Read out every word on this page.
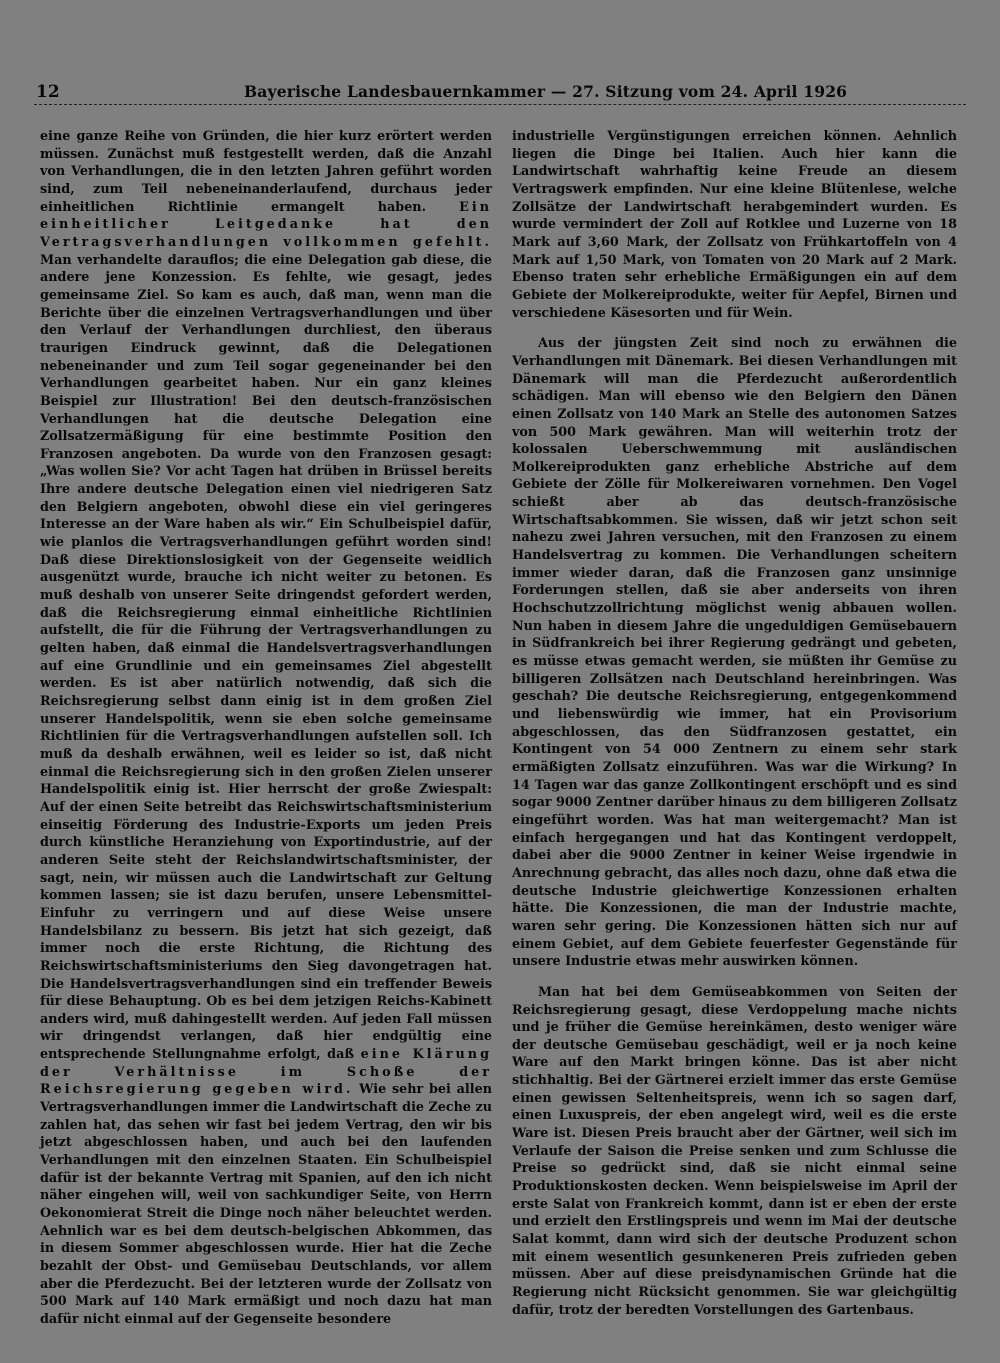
12	Bayerische Landesbauernkammer — 27. Sitzung vom 24. April 1926

eine ganze Reihe von Gründen, die hier kurz erörtert werden müssen. Zunächst muß festgestellt werden, daß die Anzahl von Verhandlungen, die in den letzten Jahren geführt worden sind, zum Teil nebeneinanderlaufend, durchaus jeder einheitlichen Richtlinie ermangelt haben. Ein einheitlicher Leitgedanke hat den Vertragsverhandlungen vollkommen gefehlt. Man verhandelte darauflos; die eine Delegation gab diese, die andere jene Konzession. Es fehlte, wie gesagt, jedes gemeinsame Ziel. So kam es auch, daß man, wenn man die Berichte über die einzelnen Vertragsverhandlungen und über den Verlauf der Verhandlungen durchliest, den überaus traurigen Eindruck gewinnt, daß die Delegationen nebeneinander und zum Teil sogar gegeneinander bei den Verhandlungen gearbeitet haben. Nur ein ganz kleines Beispiel zur Illustration! Bei den deutsch-französischen Verhandlungen hat die deutsche Delegation eine Zollsatzermäßigung für eine bestimmte Position den Franzosen angeboten. Da wurde von den Franzosen gesagt: „Was wollen Sie? Vor acht Tagen hat drüben in Brüssel bereits Ihre andere deutsche Delegation einen viel niedrigeren Satz den Belgiern angeboten, obwohl diese ein viel geringeres Interesse an der Ware haben als wir.“ Ein Schulbeispiel dafür, wie planlos die Vertragsverhandlungen geführt worden sind! Daß diese Direktionslosigkeit von der Gegenseite weidlich ausgenützt wurde, brauche ich nicht weiter zu betonen. Es muß deshalb von unserer Seite dringendst gefordert werden, daß die Reichsregierung einmal einheitliche Richtlinien aufstellt, die für die Führung der Vertragsverhandlungen zu gelten haben, daß einmal die Handelsvertragsverhandlungen auf eine Grundlinie und ein gemeinsames Ziel abgestellt werden. Es ist aber natürlich notwendig, daß sich die Reichsregierung selbst dann einig ist in dem großen Ziel unserer Handelspolitik, wenn sie eben solche gemeinsame Richtlinien für die Vertragsverhandlungen aufstellen soll. Ich muß da deshalb erwähnen, weil es leider so ist, daß nicht einmal die Reichsregierung sich in den großen Zielen unserer Handelspolitik einig ist. Hier herrscht der große Zwiespalt: Auf der einen Seite betreibt das Reichswirtschaftsministerium einseitig Förderung des Industrie-Exports um jeden Preis durch künstliche Heranziehung von Exportindustrie, auf der anderen Seite steht der Reichslandwirtschaftsminister, der sagt, nein, wir müssen auch die Landwirtschaft zur Geltung kommen lassen; sie ist dazu berufen, unsere Lebensmittel-Einfuhr zu verringern und auf diese Weise unsere Handelsbilanz zu bessern. Bis jetzt hat sich gezeigt, daß immer noch die erste Richtung, die Richtung des Reichswirtschaftsministeriums den Sieg davongetragen hat. Die Handelsvertragsverhandlungen sind ein treffender Beweis für diese Behauptung. Ob es bei dem jetzigen Reichs-Kabinett anders wird, muß dahingestellt werden. Auf jeden Fall müssen wir dringendst verlangen, daß hier endgültig eine entsprechende Stellungnahme erfolgt, daß eine Klärung der Verhältnisse im Schoße der Reichsregierung gegeben wird. Wie sehr bei allen Vertragsverhandlungen immer die Landwirtschaft die Zeche zu zahlen hat, das sehen wir fast bei jedem Vertrag, den wir bis jetzt abgeschlossen haben, und auch bei den laufenden Verhandlungen mit den einzelnen Staaten. Ein Schulbeispiel dafür ist der bekannte Vertrag mit Spanien, auf den ich nicht näher eingehen will, weil von sachkundiger Seite, von Herrn Oekonomierat Streit die Dinge noch näher beleuchtet werden. Aehnlich war es bei dem deutsch-belgischen Abkommen, das in diesem Sommer abgeschlossen wurde. Hier hat die Zeche bezahlt der Obst- und Gemüsebau Deutschlands, vor allem aber die Pferdezucht. Bei der letzteren wurde der Zollsatz von 500 Mark auf 140 Mark ermäßigt und noch dazu hat man dafür nicht einmal auf der Gegenseite besondere

industrielle Vergünstigungen erreichen können. Aehnlich liegen die Dinge bei Italien. Auch hier kann die Landwirtschaft wahrhaftig keine Freude an diesem Vertragswerk empfinden. Nur eine kleine Blütenlese, welche Zollsätze der Landwirtschaft herabgemindert wurden. Es wurde vermindert der Zoll auf Rotklee und Luzerne von 18 Mark auf 3,60 Mark, der Zollsatz von Frühkartoffeln von 4 Mark auf 1,50 Mark, von Tomaten von 20 Mark auf 2 Mark. Ebenso traten sehr erhebliche Ermäßigungen ein auf dem Gebiete der Molkereiprodukte, weiter für Aepfel, Birnen und verschiedene Käsesorten und für Wein.

Aus der jüngsten Zeit sind noch zu erwähnen die Verhandlungen mit Dänemark. Bei diesen Verhandlungen mit Dänemark will man die Pferdezucht außerordentlich schädigen. Man will ebenso wie den Belgiern den Dänen einen Zollsatz von 140 Mark an Stelle des autonomen Satzes von 500 Mark gewähren. Man will weiterhin trotz der kolossalen Ueberschwemmung mit ausländischen Molkereiprodukten ganz erhebliche Abstriche auf dem Gebiete der Zölle für Molkereiwaren vornehmen. Den Vogel schießt aber ab das deutsch-französische Wirtschaftsabkommen. Sie wissen, daß wir jetzt schon seit nahezu zwei Jahren versuchen, mit den Franzosen zu einem Handelsvertrag zu kommen. Die Verhandlungen scheitern immer wieder daran, daß die Franzosen ganz unsinnige Forderungen stellen, daß sie aber anderseits von ihren Hochschutzzollrichtung möglichst wenig abbauen wollen. Nun haben in diesem Jahre die ungeduldigen Gemüsebauern in Südfrankreich bei ihrer Regierung gedrängt und gebeten, es müsse etwas gemacht werden, sie müßten ihr Gemüse zu billigeren Zollsätzen nach Deutschland hereinbringen. Was geschah? Die deutsche Reichsregierung, entgegenkommend und liebenswürdig wie immer, hat ein Provisorium abgeschlossen, das den Südfranzosen gestattet, ein Kontingent von 54 000 Zentnern zu einem sehr stark ermäßigten Zollsatz einzuführen. Was war die Wirkung? In 14 Tagen war das ganze Zollkontingent erschöpft und es sind sogar 9000 Zentner darüber hinaus zu dem billigeren Zollsatz eingeführt worden. Was hat man weitergemacht? Man ist einfach hergegangen und hat das Kontingent verdoppelt, dabei aber die 9000 Zentner in keiner Weise irgendwie in Anrechnung gebracht, das alles noch dazu, ohne daß etwa die deutsche Industrie gleichwertige Konzessionen erhalten hätte. Die Konzessionen, die man der Industrie machte, waren sehr gering. Die Konzessionen hätten sich nur auf einem Gebiet, auf dem Gebiete feuerfester Gegenstände für unsere Industrie etwas mehr auswirken können.

Man hat bei dem Gemüseabkommen von Seiten der Reichsregierung gesagt, diese Verdoppelung mache nichts und je früher die Gemüse hereinkämen, desto weniger wäre der deutsche Gemüsebau geschädigt, weil er ja noch keine Ware auf den Markt bringen könne. Das ist aber nicht stichhaltig. Bei der Gärtnerei erzielt immer das erste Gemüse einen gewissen Seltenheitspreis, wenn ich so sagen darf, einen Luxuspreis, der eben angelegt wird, weil es die erste Ware ist. Diesen Preis braucht aber der Gärtner, weil sich im Verlaufe der Saison die Preise senken und zum Schlusse die Preise so gedrückt sind, daß sie nicht einmal seine Produktionskosten decken. Wenn beispielsweise im April der erste Salat von Frankreich kommt, dann ist er eben der erste und erzielt den Erstlingspreis und wenn im Mai der deutsche Salat kommt, dann wird sich der deutsche Produzent schon mit einem wesentlich gesunkeneren Preis zufrieden geben müssen. Aber auf diese preisdynamischen Gründe hat die Regierung nicht Rücksicht genommen. Sie war gleichgültig dafür, trotz der beredten Vorstellungen des Gartenbaus.
